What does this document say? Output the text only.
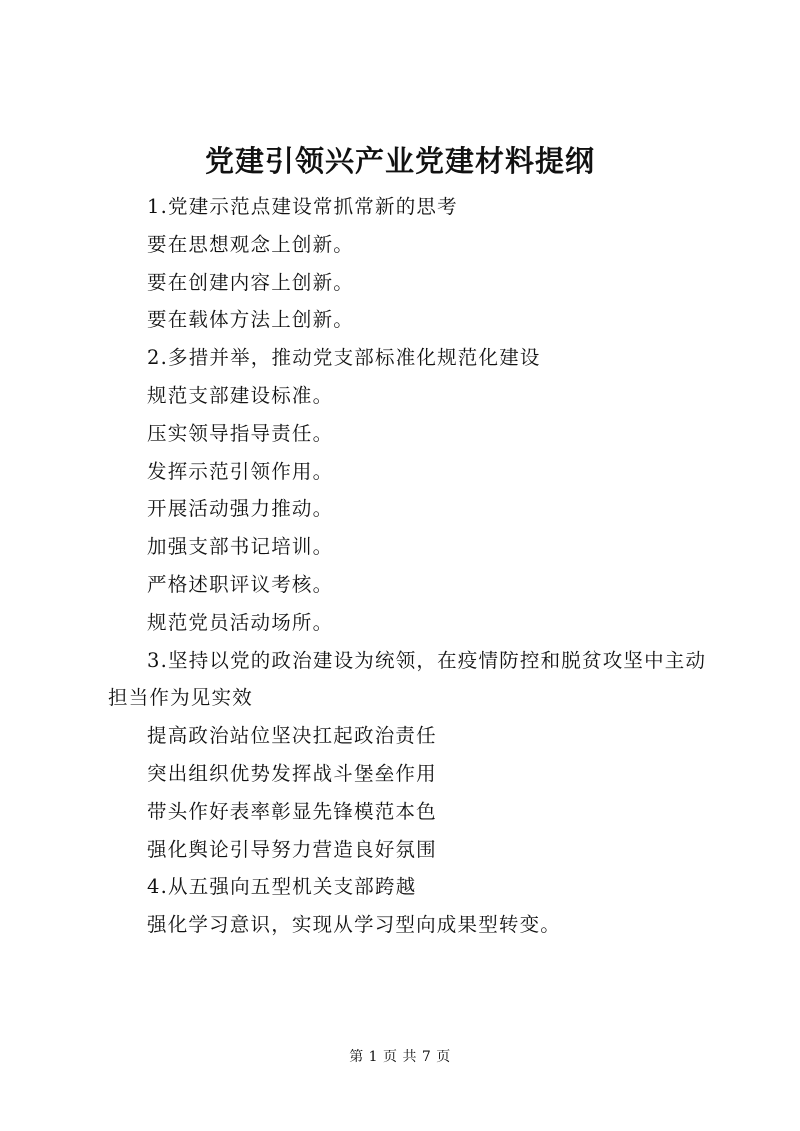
党建引领兴产业党建材料提纲

1.党建示范点建设常抓常新的思考

要在思想观念上创新。

要在创建内容上创新。

要在载体方法上创新。

2.多措并举，推动党支部标准化规范化建设

规范支部建设标准。

压实领导指导责任。

发挥示范引领作用。

开展活动强力推动。

加强支部书记培训。

严格述职评议考核。

规范党员活动场所。

3.坚持以党的政治建设为统领，在疫情防控和脱贫攻坚中主动担当作为见实效

提高政治站位坚决扛起政治责任

突出组织优势发挥战斗堡垒作用

带头作好表率彰显先锋模范本色

强化舆论引导努力营造良好氛围

4.从五强向五型机关支部跨越

强化学习意识，实现从学习型向成果型转变。

第 1 页 共 7 页
